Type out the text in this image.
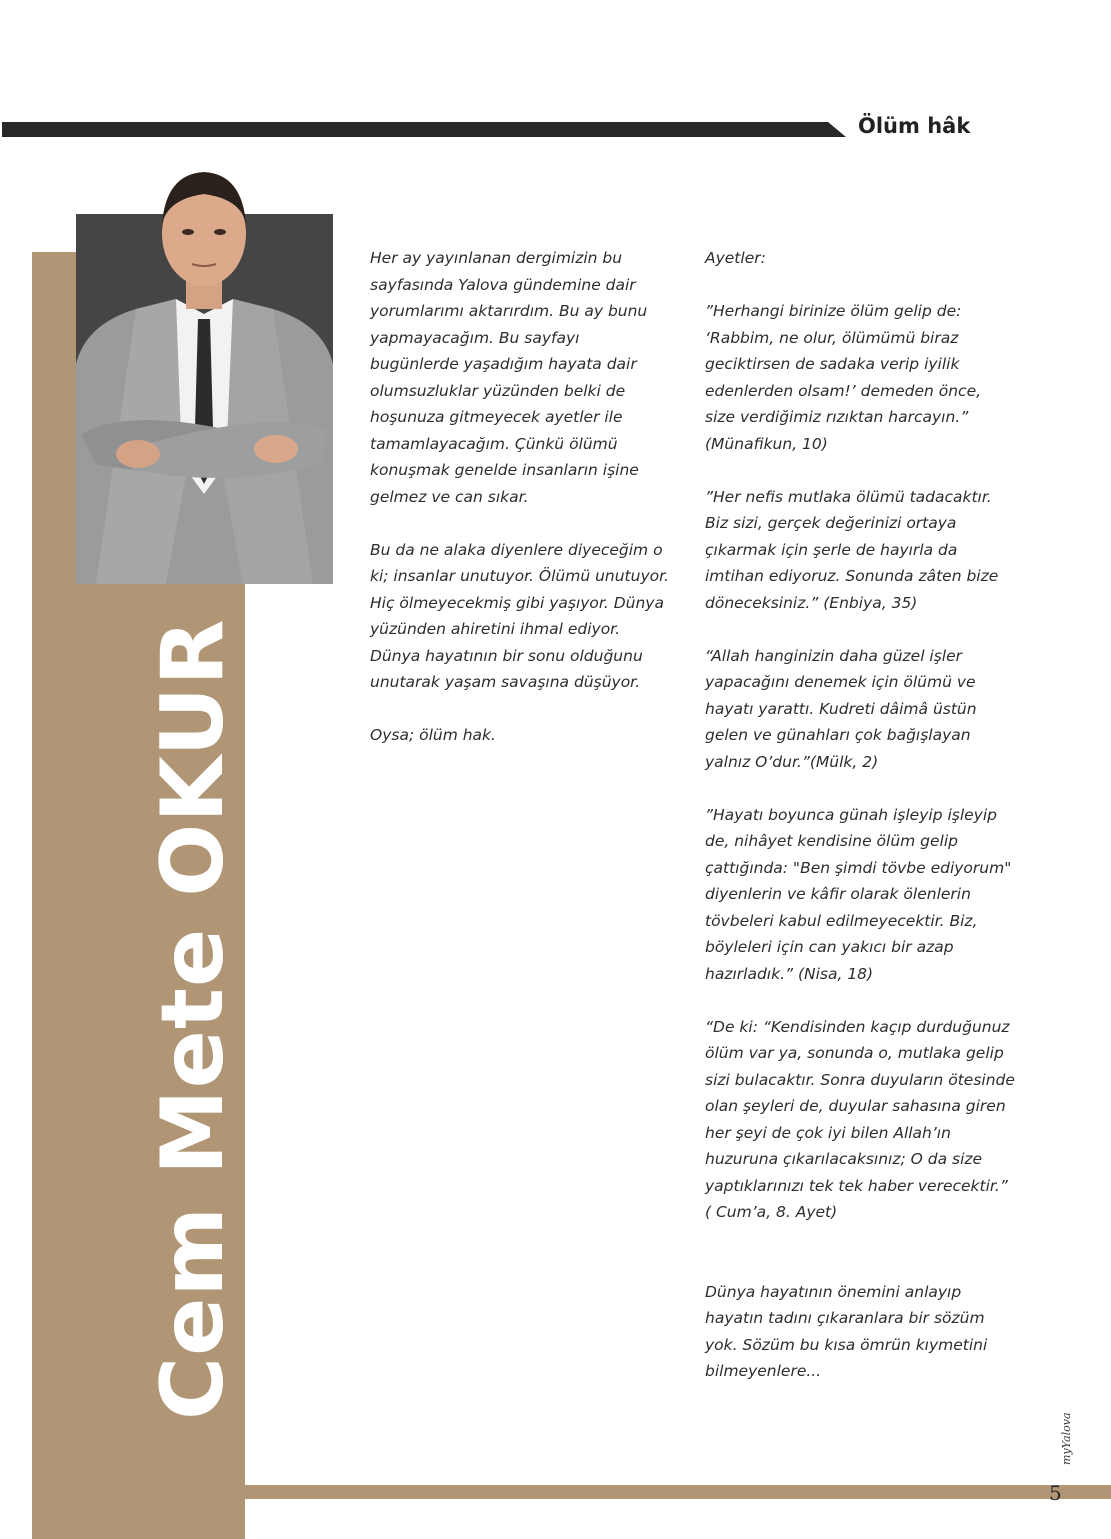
Ölüm hâk
Cem Mete OKUR

Her ay yayınlanan dergimizin bu sayfasında Yalova gündemine dair yorumlarımı aktarırdım. Bu ay bunu yapmayacağım. Bu sayfayı bugünlerde yaşadığım hayata dair olumsuzluklar yüzünden belki de hoşunuza gitmeyecek ayetler ile tamamlayacağım. Çünkü ölümü konuşmak genelde insanların işine gelmez ve can sıkar.

Bu da ne alaka diyenlere diyeceğim o ki; insanlar unutuyor. Ölümü unutuyor. Hiç ölmeyecekmiş gibi yaşıyor. Dünya yüzünden ahiretini ihmal ediyor. Dünya hayatının bir sonu olduğunu unutarak yaşam savaşına düşüyor.

Oysa; ölüm hak.

Ayetler:

”Herhangi birinize ölüm gelip de: ‘Rabbim, ne olur, ölümümü biraz geciktirsen de sadaka verip iyilik edenlerden olsam!’ demeden önce, size verdiğimiz rızıktan harcayın.” (Münafikun, 10)

”Her nefis mutlaka ölümü tadacaktır. Biz sizi, gerçek değerinizi ortaya çıkarmak için şerle de hayırla da imtihan ediyoruz. Sonunda zâten bize döneceksiniz.” (Enbiya, 35)

“Allah hanginizin daha güzel işler yapacağını denemek için ölümü ve hayatı yarattı. Kudreti dâimâ üstün gelen ve günahları çok bağışlayan yalnız O’dur.”(Mülk, 2)

”Hayatı boyunca günah işleyip işleyip de, nihâyet kendisine ölüm gelip çattığında: "Ben şimdi tövbe ediyorum" diyenlerin ve kâfir olarak ölenlerin tövbeleri kabul edilmeyecektir. Biz, böyleleri için can yakıcı bir azap hazırladık.” (Nisa, 18)

“De ki: “Kendisinden kaçıp durduğunuz ölüm var ya, sonunda o, mutlaka gelip sizi bulacaktır. Sonra duyuların ötesinde olan şeyleri de, duyular sahasına giren her şeyi de çok iyi bilen Allah’ın huzuruna çıkarılacaksınız; O da size yaptıklarınızı tek tek haber verecektir.” ( Cum’a, 8. Ayet)

Dünya hayatının önemini anlayıp hayatın tadını çıkaranlara bir sözüm yok. Sözüm bu kısa ömrün kıymetini bilmeyenlere...

myYalova
5
